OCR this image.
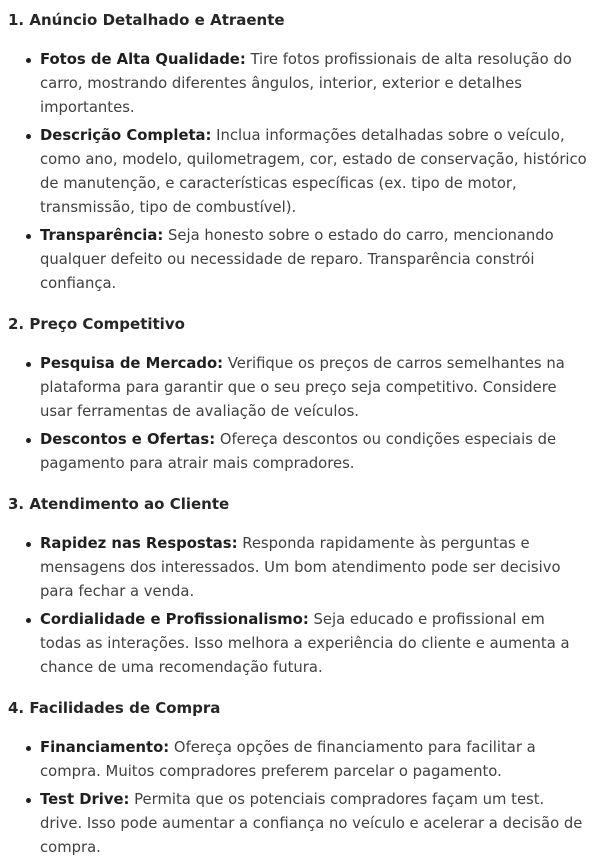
1. Anúncio Detalhado e Atraente
Fotos de Alta Qualidade: Tire fotos profissionais de alta resolução do carro, mostrando diferentes ângulos, interior, exterior e detalhes importantes.
Descrição Completa: Inclua informações detalhadas sobre o veículo, como ano, modelo, quilometragem, cor, estado de conservação, histórico de manutenção, e características específicas (ex. tipo de motor, transmissão, tipo de combustível).
Transparência: Seja honesto sobre o estado do carro, mencionando qualquer defeito ou necessidade de reparo. Transparência constrói confiança.
2. Preço Competitivo
Pesquisa de Mercado: Verifique os preços de carros semelhantes na plataforma para garantir que o seu preço seja competitivo. Considere usar ferramentas de avaliação de veículos.
Descontos e Ofertas: Ofereça descontos ou condições especiais de pagamento para atrair mais compradores.
3. Atendimento ao Cliente
Rapidez nas Respostas: Responda rapidamente às perguntas e mensagens dos interessados. Um bom atendimento pode ser decisivo para fechar a venda.
Cordialidade e Profissionalismo: Seja educado e profissional em todas as interações. Isso melhora a experiência do cliente e aumenta a chance de uma recomendação futura.
4. Facilidades de Compra
Financiamento: Ofereça opções de financiamento para facilitar a compra. Muitos compradores preferem parcelar o pagamento.
Test Drive: Permita que os potenciais compradores façam um test. drive. Isso pode aumentar a confiança no veículo e acelerar a decisão de compra.
